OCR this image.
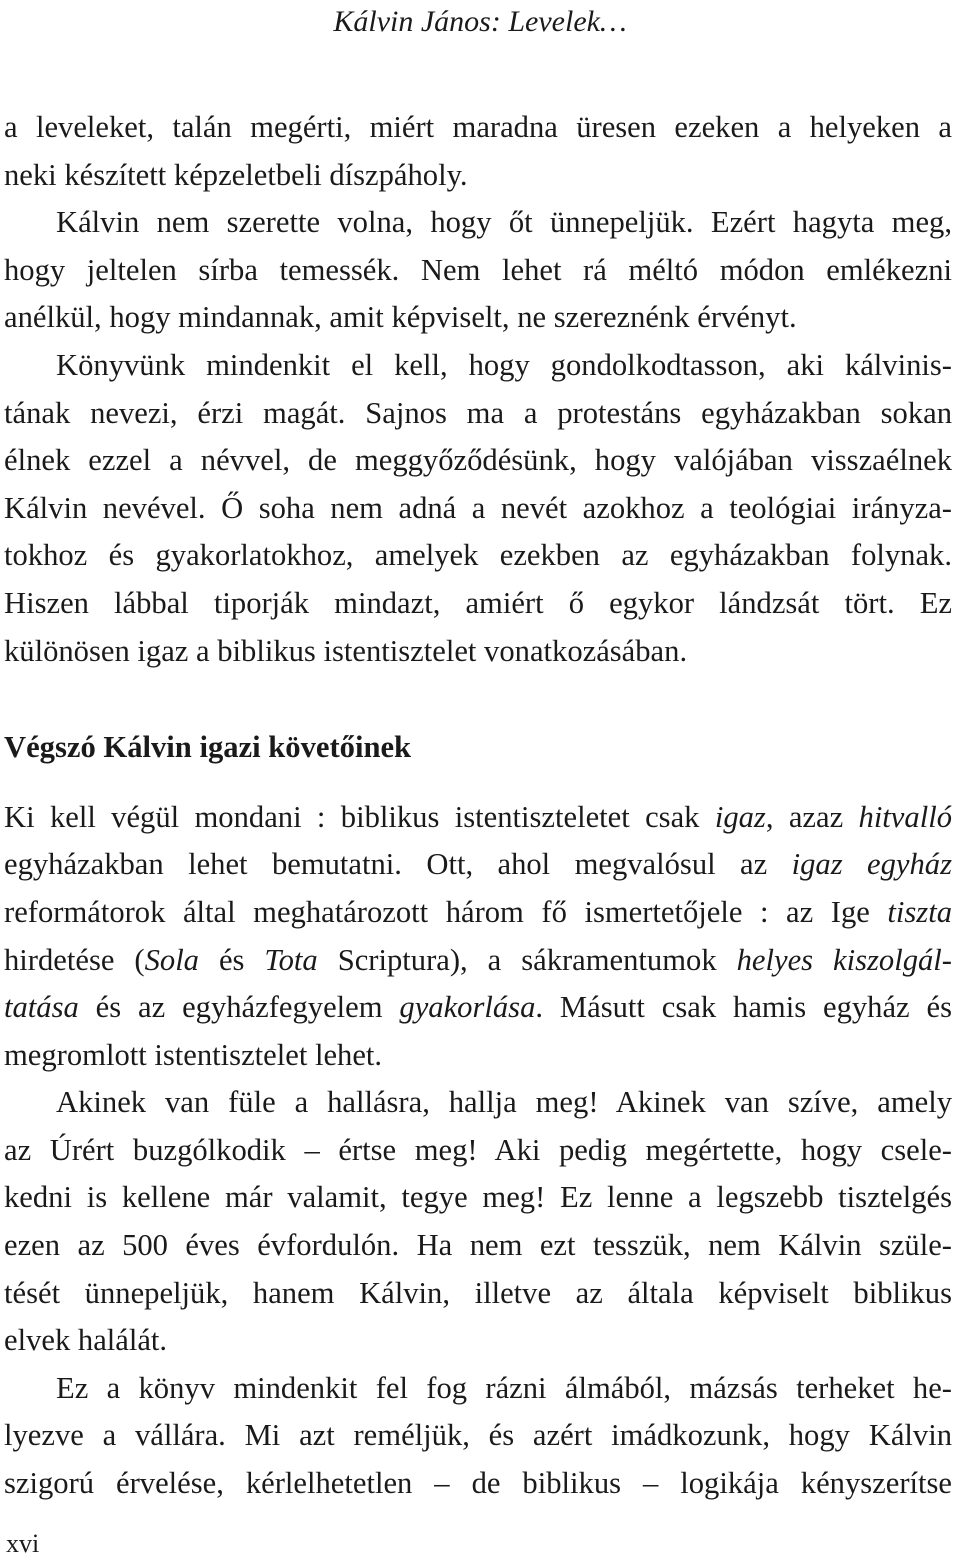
Kálvin János: Levelek…
a leveleket, talán megérti, miért maradna üresen ezeken a helyeken a
neki készített képzeletbeli díszpáholy.
Kálvin nem szerette volna, hogy őt ünnepeljük. Ezért hagyta meg,
hogy jeltelen sírba temessék. Nem lehet rá méltó módon emlékezni
anélkül, hogy mindannak, amit képviselt, ne szereznénk érvényt.
Könyvünk mindenkit el kell, hogy gondolkodtasson, aki kálvinis-
tának nevezi, érzi magát. Sajnos ma a protestáns egyházakban sokan
élnek ezzel a névvel, de meggyőződésünk, hogy valójában visszaélnek
Kálvin nevével. Ő soha nem adná a nevét azokhoz a teológiai irányza-
tokhoz és gyakorlatokhoz, amelyek ezekben az egyházakban folynak.
Hiszen lábbal tiporják mindazt, amiért ő egykor lándzsát tört. Ez
különösen igaz a biblikus istentisztelet vonatkozásában.
Végszó Kálvin igazi követőinek
Ki kell végül mondani : biblikus istentiszteletet csak igaz, azaz hitvalló
egyházakban lehet bemutatni. Ott, ahol megvalósul az igaz egyház
reformátorok által meghatározott három fő ismertetőjele : az Ige tiszta
hirdetése (Sola és Tota Scriptura), a sákramentumok helyes kiszolgál-
tatása és az egyházfegyelem gyakorlása. Másutt csak hamis egyház és
megromlott istentisztelet lehet.
Akinek van füle a hallásra, hallja meg! Akinek van szíve, amely
az Úrért buzgólkodik – értse meg! Aki pedig megértette, hogy csele-
kedni is kellene már valamit, tegye meg! Ez lenne a legszebb tisztelgés
ezen az 500 éves évfordulón. Ha nem ezt tesszük, nem Kálvin szüle-
tését ünnepeljük, hanem Kálvin, illetve az általa képviselt biblikus
elvek halálát.
Ez a könyv mindenkit fel fog rázni álmából, mázsás terheket he-
lyezve a vállára. Mi azt reméljük, és azért imádkozunk, hogy Kálvin
szigorú érvelése, kérlelhetetlen – de biblikus – logikája kényszerítse
xvi
